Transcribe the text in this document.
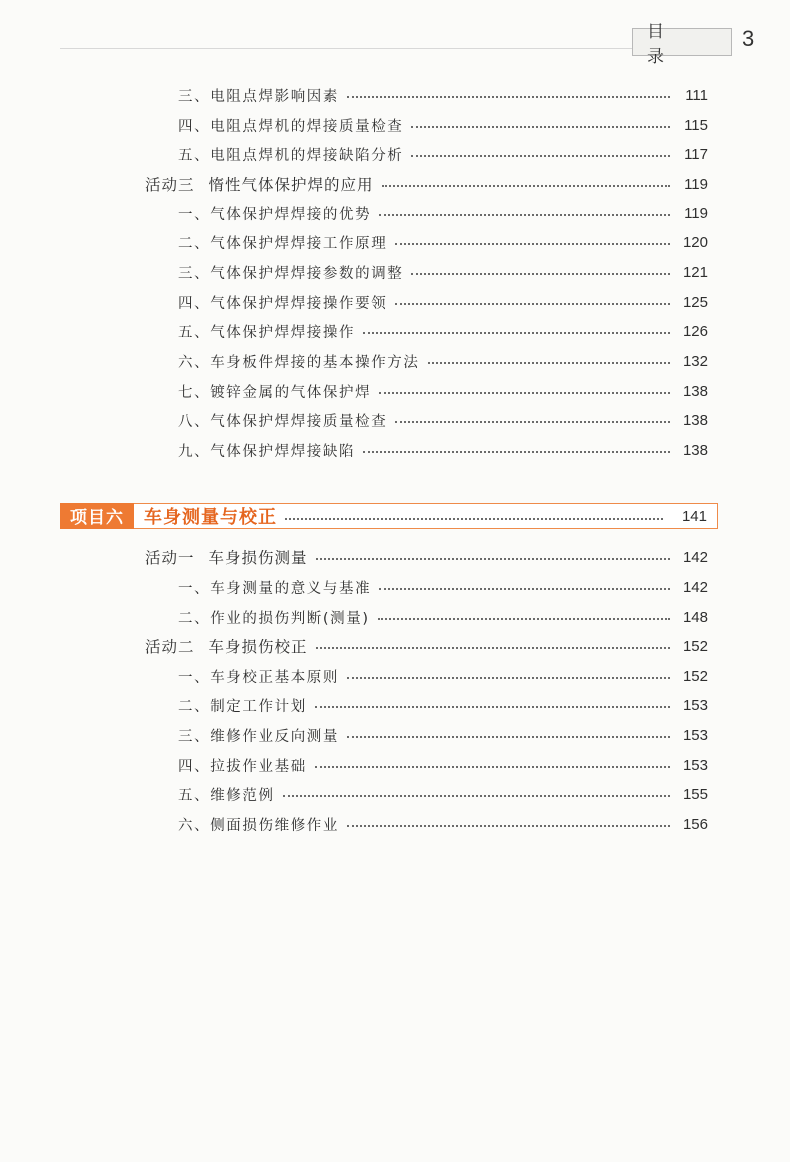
目 录
3
三、电阻点焊影响因素	111
四、电阻点焊机的焊接质量检查	115
五、电阻点焊机的焊接缺陷分析	117
活动三 惰性气体保护焊的应用	119
一、气体保护焊焊接的优势	119
二、气体保护焊焊接工作原理	120
三、气体保护焊焊接参数的调整	121
四、气体保护焊焊接操作要领	125
五、气体保护焊焊接操作	126
六、车身板件焊接的基本操作方法	132
七、镀锌金属的气体保护焊	138
八、气体保护焊焊接质量检查	138
九、气体保护焊焊接缺陷	138
项目六	车身测量与校正	141
活动一 车身损伤测量	142
一、车身测量的意义与基准	142
二、作业的损伤判断(测量)	148
活动二 车身损伤校正	152
一、车身校正基本原则	152
二、制定工作计划	153
三、维修作业反向测量	153
四、拉拔作业基础	153
五、维修范例	155
六、侧面损伤维修作业	156
